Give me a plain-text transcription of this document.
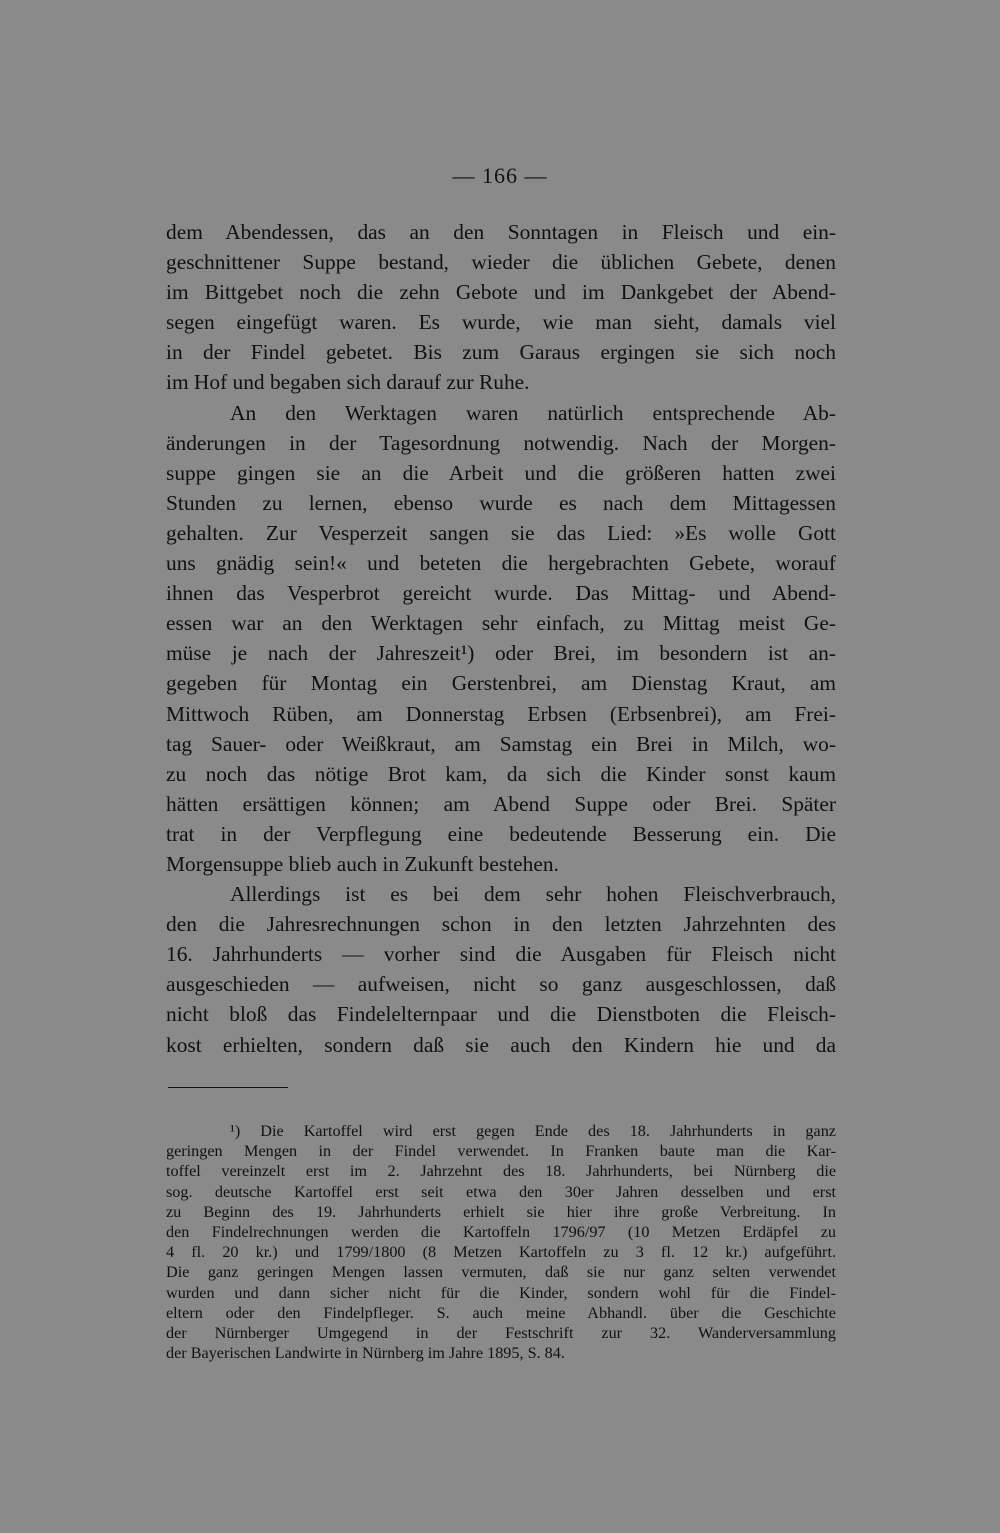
— 166 —

dem Abendessen, das an den Sonntagen in Fleisch und ein-
geschnittener Suppe bestand, wieder die üblichen Gebete, denen
im Bittgebet noch die zehn Gebote und im Dankgebet der Abend-
segen eingefügt waren. Es wurde, wie man sieht, damals viel
in der Findel gebetet. Bis zum Garaus ergingen sie sich noch
im Hof und begaben sich darauf zur Ruhe.

An den Werktagen waren natürlich entsprechende Ab-
änderungen in der Tagesordnung notwendig. Nach der Morgen-
suppe gingen sie an die Arbeit und die größeren hatten zwei
Stunden zu lernen, ebenso wurde es nach dem Mittagessen
gehalten. Zur Vesperzeit sangen sie das Lied: »Es wolle Gott
uns gnädig sein!« und beteten die hergebrachten Gebete, worauf
ihnen das Vesperbrot gereicht wurde. Das Mittag- und Abend-
essen war an den Werktagen sehr einfach, zu Mittag meist Ge-
müse je nach der Jahreszeit¹) oder Brei, im besondern ist an-
gegeben für Montag ein Gerstenbrei, am Dienstag Kraut, am
Mittwoch Rüben, am Donnerstag Erbsen (Erbsenbrei), am Frei-
tag Sauer- oder Weißkraut, am Samstag ein Brei in Milch, wo-
zu noch das nötige Brot kam, da sich die Kinder sonst kaum
hätten ersättigen können; am Abend Suppe oder Brei. Später
trat in der Verpflegung eine bedeutende Besserung ein. Die
Morgensuppe blieb auch in Zukunft bestehen.

Allerdings ist es bei dem sehr hohen Fleischverbrauch,
den die Jahresrechnungen schon in den letzten Jahrzehnten des
16. Jahrhunderts — vorher sind die Ausgaben für Fleisch nicht
ausgeschieden — aufweisen, nicht so ganz ausgeschlossen, daß
nicht bloß das Findelelternpaar und die Dienstboten die Fleisch-
kost erhielten, sondern daß sie auch den Kindern hie und da

¹) Die Kartoffel wird erst gegen Ende des 18. Jahrhunderts in ganz
geringen Mengen in der Findel verwendet. In Franken baute man die Kar-
toffel vereinzelt erst im 2. Jahrzehnt des 18. Jahrhunderts, bei Nürnberg die
sog. deutsche Kartoffel erst seit etwa den 30er Jahren desselben und erst
zu Beginn des 19. Jahrhunderts erhielt sie hier ihre große Verbreitung. In
den Findelrechnungen werden die Kartoffeln 1796/97 (10 Metzen Erdäpfel zu
4 fl. 20 kr.) und 1799/1800 (8 Metzen Kartoffeln zu 3 fl. 12 kr.) aufgeführt.
Die ganz geringen Mengen lassen vermuten, daß sie nur ganz selten verwendet
wurden und dann sicher nicht für die Kinder, sondern wohl für die Findel-
eltern oder den Findelpfleger. S. auch meine Abhandl. über die Geschichte
der Nürnberger Umgegend in der Festschrift zur 32. Wanderversammlung
der Bayerischen Landwirte in Nürnberg im Jahre 1895, S. 84.
